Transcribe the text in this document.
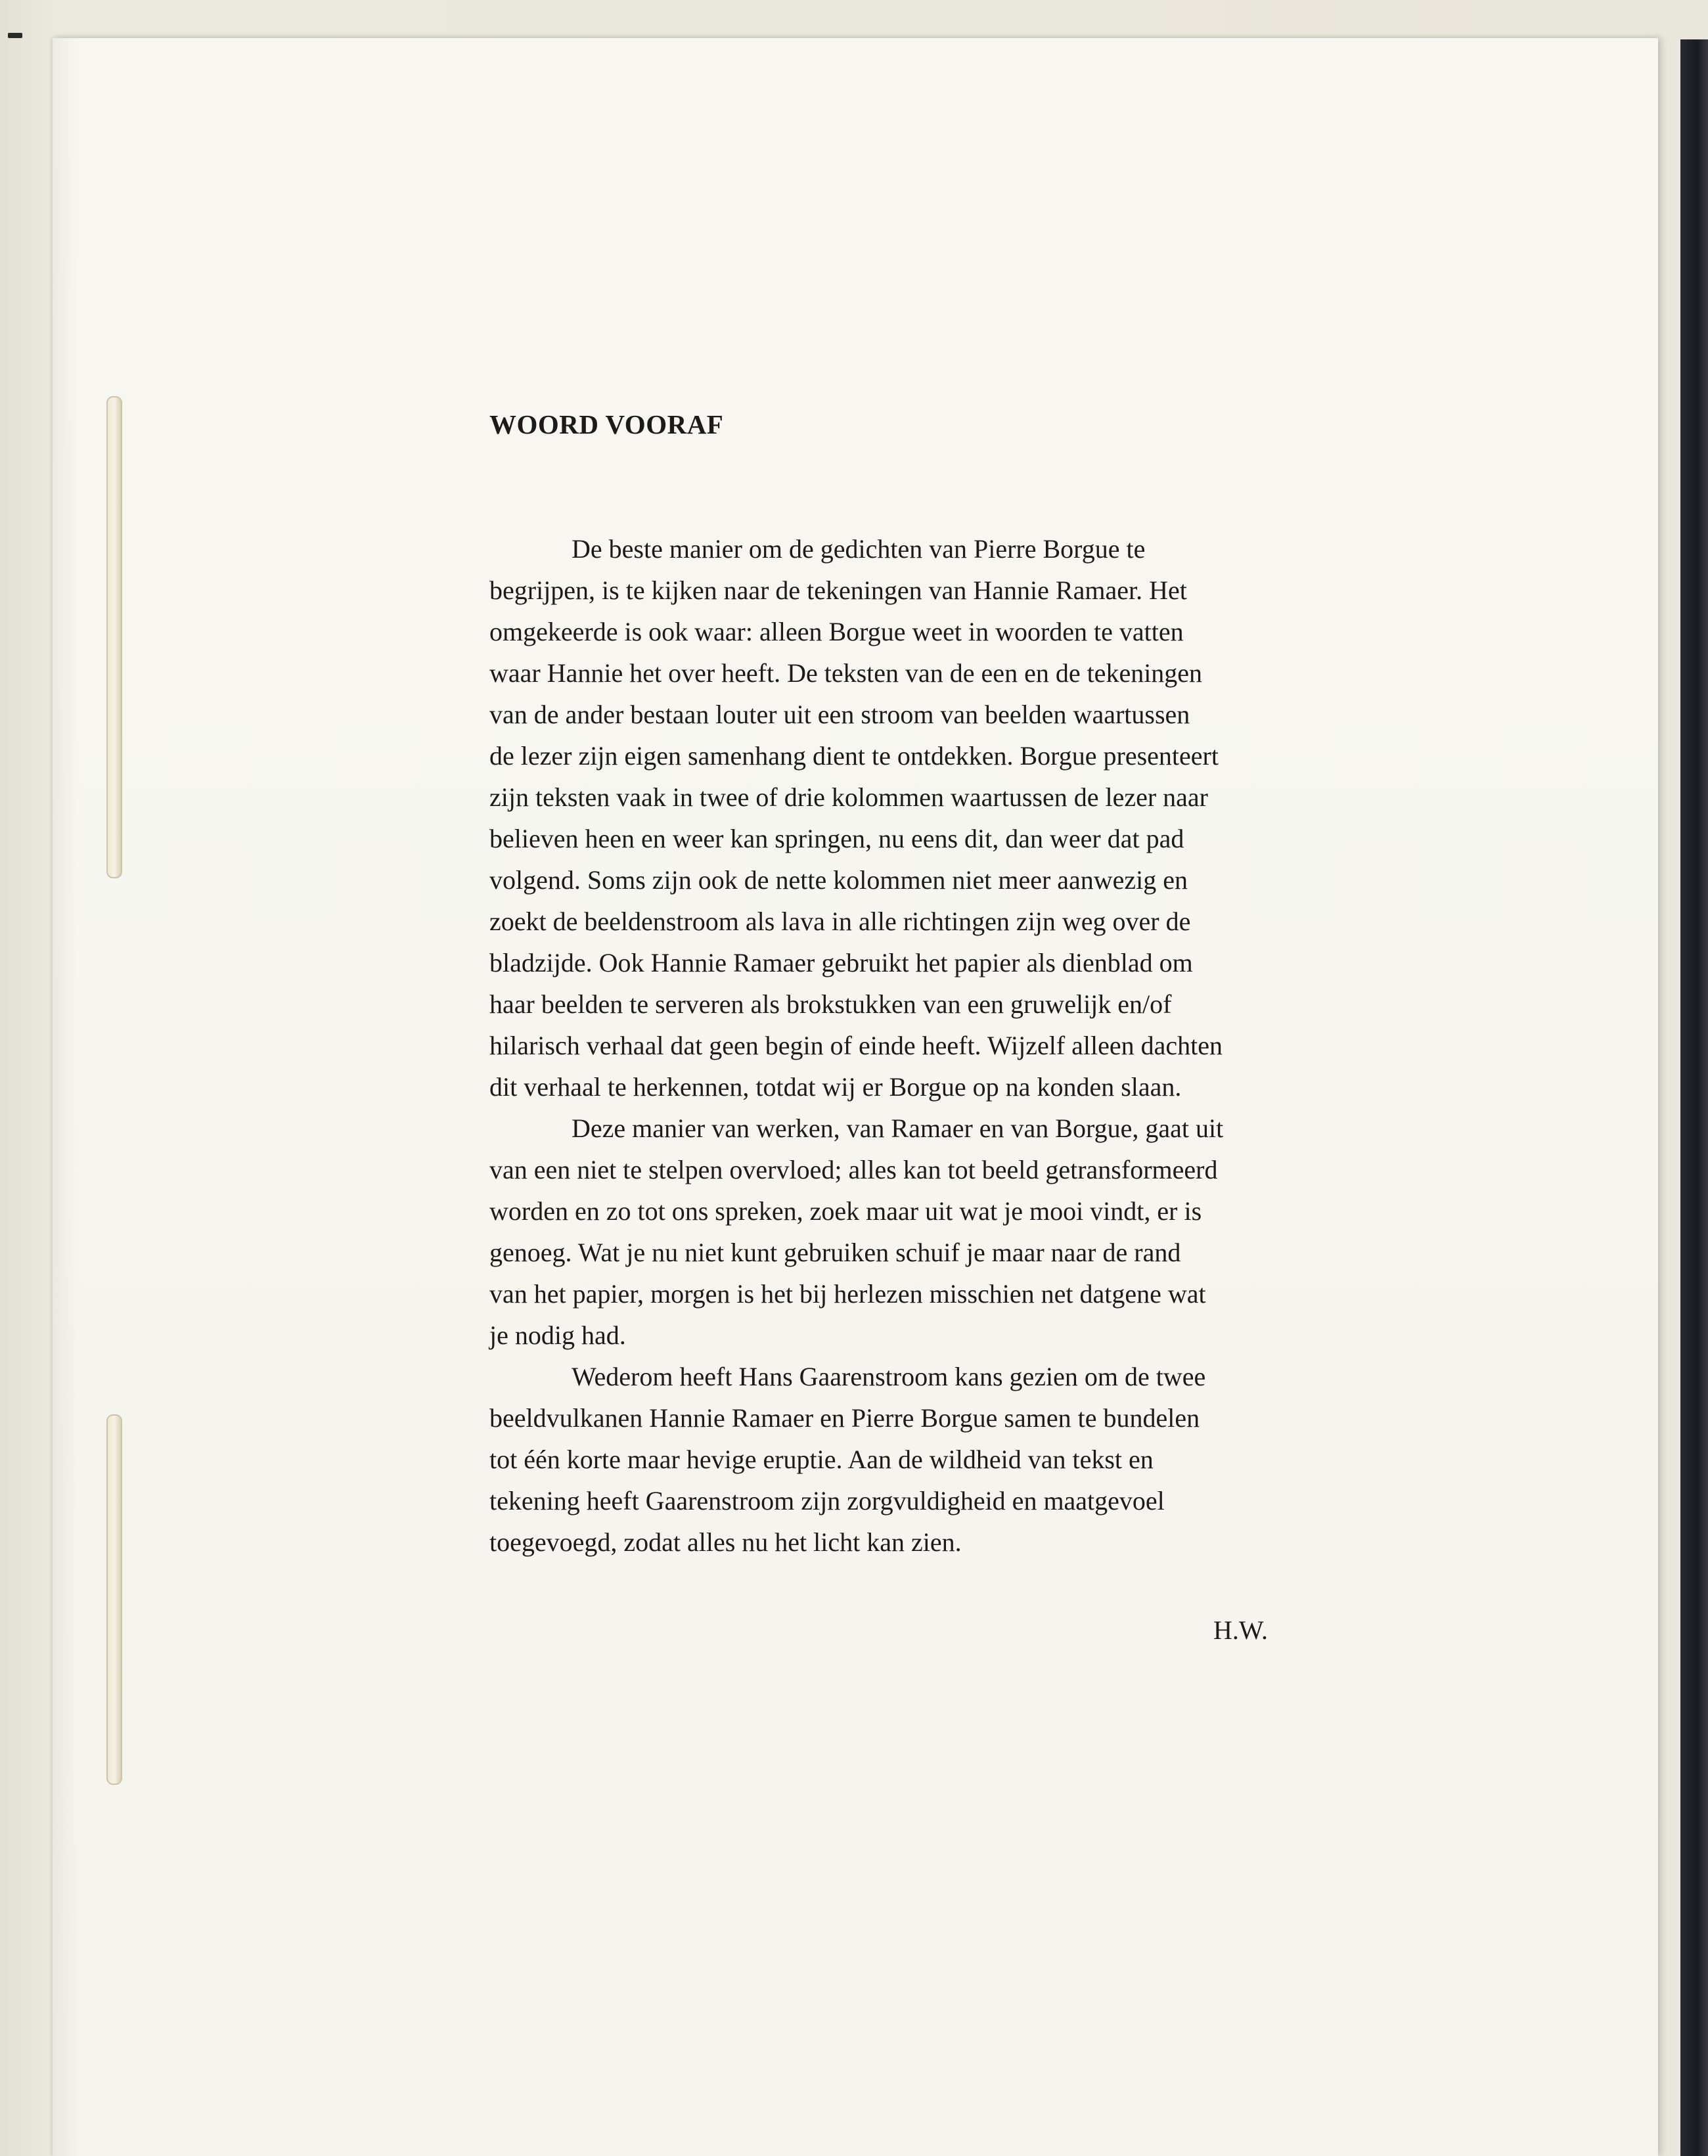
WOORD VOORAF

De beste manier om de gedichten van Pierre Borgue te
begrijpen, is te kijken naar de tekeningen van Hannie Ramaer. Het
omgekeerde is ook waar: alleen Borgue weet in woorden te vatten
waar Hannie het over heeft. De teksten van de een en de tekeningen
van de ander bestaan louter uit een stroom van beelden waartussen
de lezer zijn eigen samenhang dient te ontdekken. Borgue presenteert
zijn teksten vaak in twee of drie kolommen waartussen de lezer naar
believen heen en weer kan springen, nu eens dit, dan weer dat pad
volgend. Soms zijn ook de nette kolommen niet meer aanwezig en
zoekt de beeldenstroom als lava in alle richtingen zijn weg over de
bladzijde. Ook Hannie Ramaer gebruikt het papier als dienblad om
haar beelden te serveren als brokstukken van een gruwelijk en/of
hilarisch verhaal dat geen begin of einde heeft. Wijzelf alleen dachten
dit verhaal te herkennen, totdat wij er Borgue op na konden slaan.

Deze manier van werken, van Ramaer en van Borgue, gaat uit
van een niet te stelpen overvloed; alles kan tot beeld getransformeerd
worden en zo tot ons spreken, zoek maar uit wat je mooi vindt, er is
genoeg. Wat je nu niet kunt gebruiken schuif je maar naar de rand
van het papier, morgen is het bij herlezen misschien net datgene wat
je nodig had.

Wederom heeft Hans Gaarenstroom kans gezien om de twee
beeldvulkanen Hannie Ramaer en Pierre Borgue samen te bundelen
tot één korte maar hevige eruptie. Aan de wildheid van tekst en
tekening heeft Gaarenstroom zijn zorgvuldigheid en maatgevoel
toegevoegd, zodat alles nu het licht kan zien.

H.W.
